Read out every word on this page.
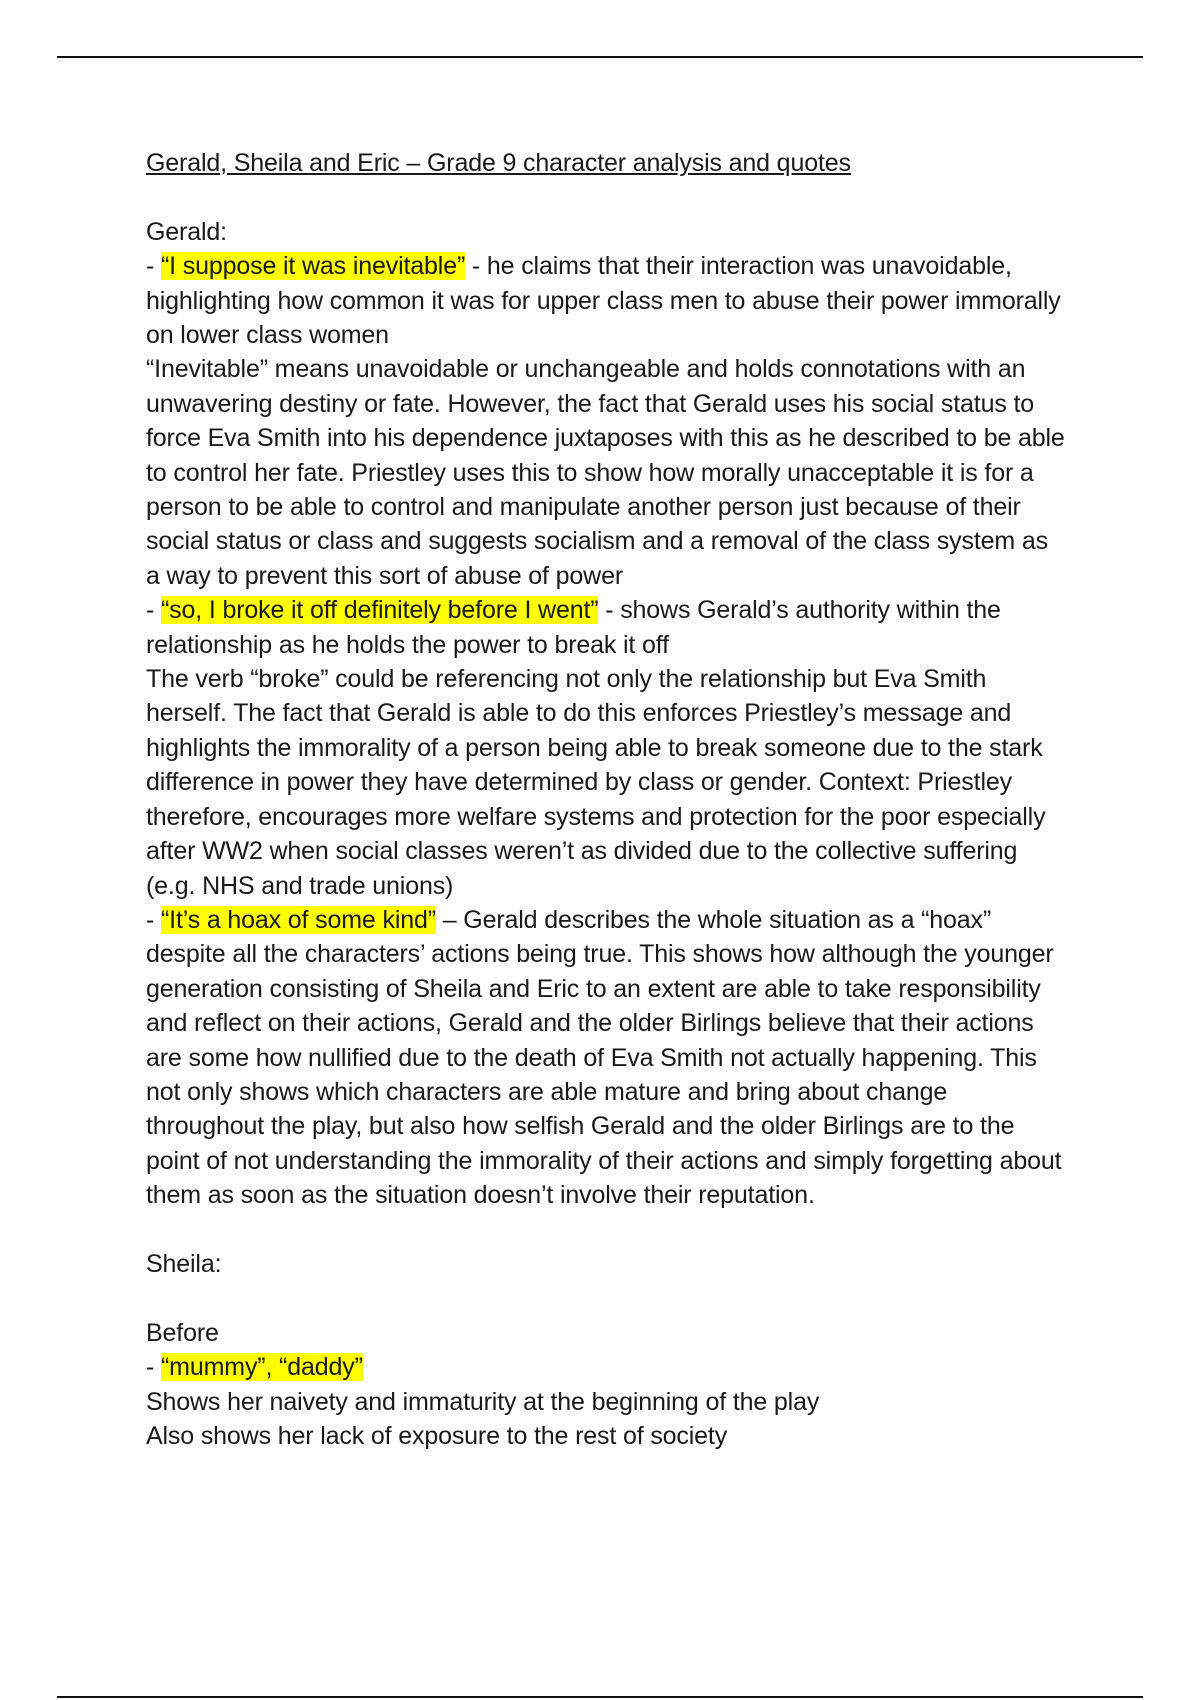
Gerald, Sheila and Eric – Grade 9 character analysis and quotes

Gerald:

- “I suppose it was inevitable” - he claims that their interaction was unavoidable, highlighting how common it was for upper class men to abuse their power immorally on lower class women

“Inevitable” means unavoidable or unchangeable and holds connotations with an unwavering destiny or fate. However, the fact that Gerald uses his social status to force Eva Smith into his dependence juxtaposes with this as he described to be able to control her fate. Priestley uses this to show how morally unacceptable it is for a person to be able to control and manipulate another person just because of their social status or class and suggests socialism and a removal of the class system as a way to prevent this sort of abuse of power

- “so, I broke it off definitely before I went” - shows Gerald’s authority within the relationship as he holds the power to break it off

The verb “broke” could be referencing not only the relationship but Eva Smith herself. The fact that Gerald is able to do this enforces Priestley’s message and highlights the immorality of a person being able to break someone due to the stark difference in power they have determined by class or gender. Context: Priestley therefore, encourages more welfare systems and protection for the poor especially after WW2 when social classes weren’t as divided due to the collective suffering (e.g. NHS and trade unions)

- “It’s a hoax of some kind” – Gerald describes the whole situation as a “hoax” despite all the characters’ actions being true. This shows how although the younger generation consisting of Sheila and Eric to an extent are able to take responsibility and reflect on their actions, Gerald and the older Birlings believe that their actions are some how nullified due to the death of Eva Smith not actually happening. This not only shows which characters are able mature and bring about change throughout the play, but also how selfish Gerald and the older Birlings are to the point of not understanding the immorality of their actions and simply forgetting about them as soon as the situation doesn’t involve their reputation.

Sheila:

Before

- “mummy”, “daddy”

Shows her naivety and immaturity at the beginning of the play

Also shows her lack of exposure to the rest of society
